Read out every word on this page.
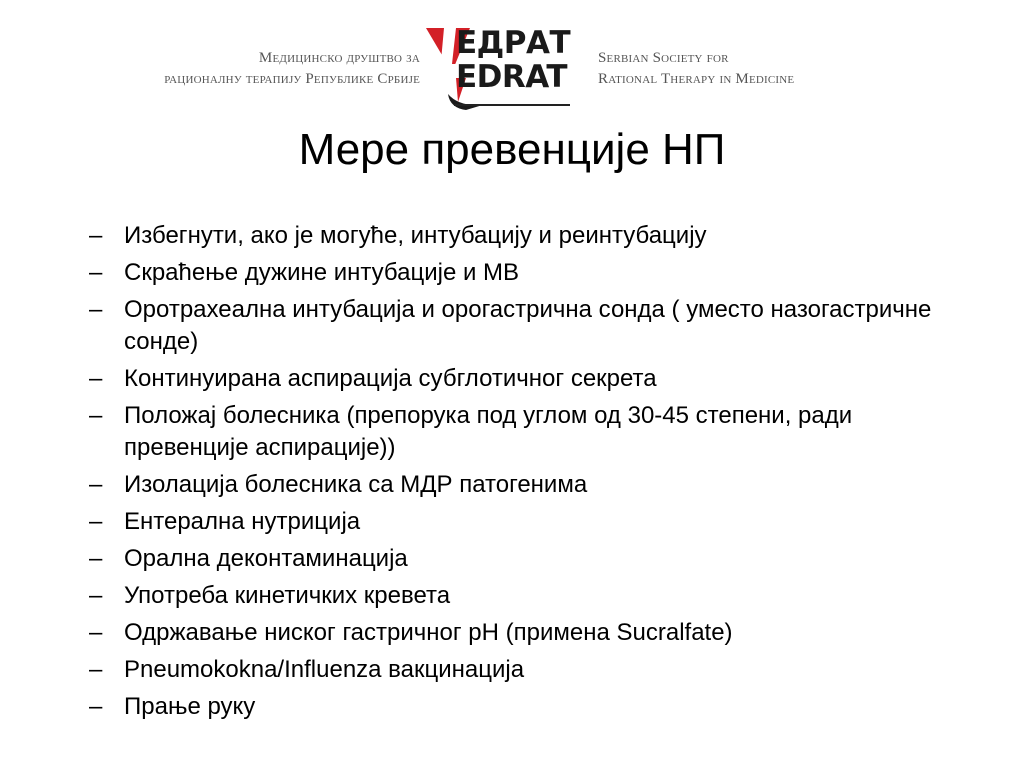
Медицинско друштво за
рационалну терапију Републике Србије
ЕДРАТ
EDRAT
Serbian Society for
Rational Therapy in Medicine
Мере превенције НП
– Избегнути, ако је могуће, интубацију и реинтубацију
– Скраћење дужине интубације и МВ
– Оротрахеална интубација и орогастрична сонда ( уместо назогастричне сонде)
– Континуирана аспирација субглотичног секрета
– Положај болесника (препорука под углом од 30-45 степени, ради превенције аспирације))
– Изолација болесника са МДР патогенима
– Ентерална нутриција
– Орална деконтаминација
– Употреба кинетичких кревета
– Одржавање ниског гастричног pH (примена Sucralfate)
– Pneumokokna/Influenza вакцинација
– Прање руку
